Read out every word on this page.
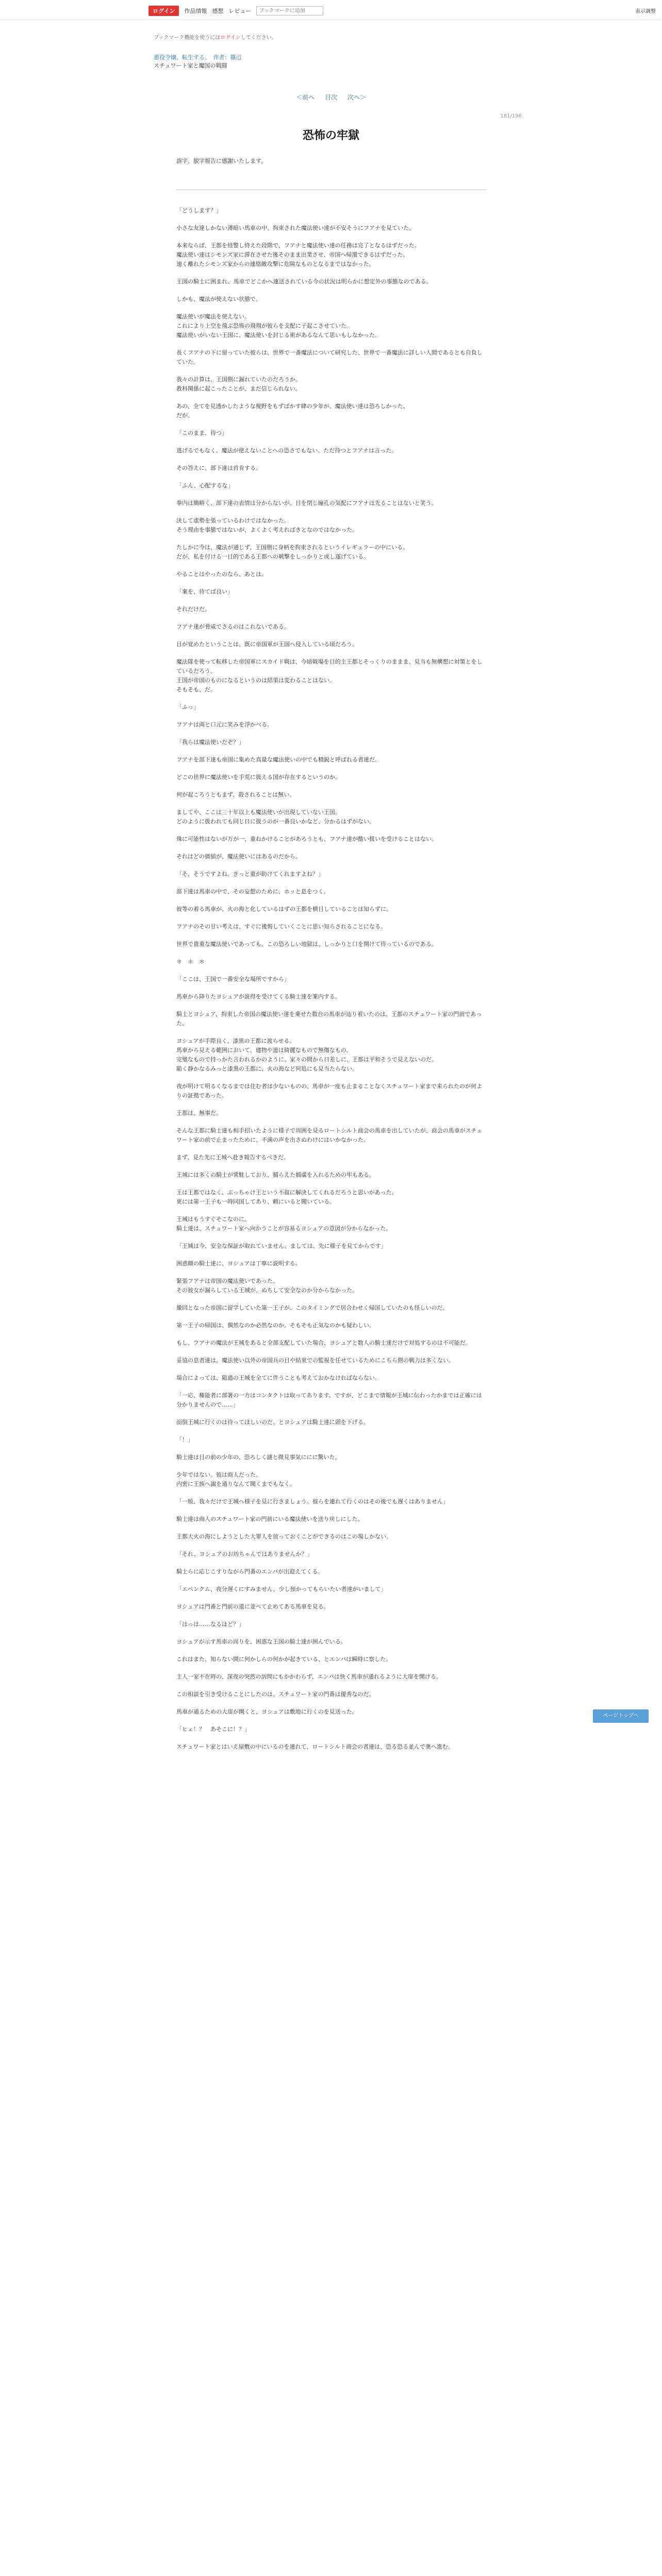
ログイン	作品情報 感想 レビュー
ブックマークに追加	表示調整
ブックマーク機能を使うにはログインしてください。
悪役令嬢、転生する。　作者：篠辺
スチュワート家と魔国の戦闘
＜前へ 目次 次へ＞
181/196
恐怖の牢獄
誤字、脱字報告に感謝いたします。

「どうします？」

小さな友達しかない薄暗い馬車の中、拘束された魔法使い達が不安そうにフアナを見ていた。

本来ならば、王都を経警し終えた段階で、フアナと魔法使い達の任務は完了となるはずだった。
魔法使い達はシモンズ家に滞在させた後そのまま出業させ、帝国へ帰還できるはずだった。
速く離れたシモンズ家からの連絡敵攻撃に危険なものとなるまではなかった。

王国の騎士に囲まれ、馬車でどこかへ連送されている今の状況は明らかに想定外の事態なのである。

しかも、魔法が使えない状態で。

魔法使いが魔法を使えない。
これにより上空を飛ぶ恐怖の飛翔が彼らを支配に子起こさせていた。
魔法使いがいない王国に、魔法使いを封じる術があるなんて思いもしなかった。

長くフアナの下に留っていた彼らは、世界で一番魔法について研究した、世界で一番魔法に詳しい人間であるとも自負していた。

我々の計算は、王国側に漏れていたのだろうか。
教科関係に起こったことが、まだ信じられない。

あの、全てを見透かしたような視野をもずばかす肆の少年が、魔法使い達は恐ろしかった。
だが。

「このまま、待つ」

逃げるでもなく、魔法が使えないことへの恐さでもない。ただ待つとフアナは言った。

その答えに、部下達は首肯する。

「ふん、心配するな」

拳内は簡略く、部下達の表情は分からないが、目を閉じ瞳孔の気配にフアナは先ることはないと笑う。

決して虚勢を張っているわけではなかった。
そう理由を事態ではないが、よくよく考えればきとなのではなかった。

たしかに今は、魔法が通じず、王国側に身柄を拘束されるというイレギュラーの中にいる。
だが、私を付ける一目的である王都への戦撃をしっかりと成し遂げている。

やることはやったのなら、あとは。

「案を、待てば良い」

それだけだ。

フアナ達が脅威でさるのはこれないである。

目が覚めたということは、既に帝国軍が王国へ侵入している頃だろう。

魔法隊を使って転移した帝国軍にスカイド戦は、今頃戦場を目的主王都とそっくりのままま、見当も無構想に対策とをしているだろう。
王国が帝国のものになるというのは結果は変わることはない。
そもそも、だ。

「ふっ」

フアナは両と口元に笑みを浮かべる。

「我らは魔法使いだぞ？」

フアナを部下達も帝国に集めた真量な魔法使いの中でも精鋭と呼ばれる者達だ。

どこの世界に魔法使いを手荒に扱える国が存在するというのか。

何が起ころうともまず、殺されることは無い。

ましてや、ここは三十年以上も魔法使いが出現していない王国。
どのように扱われても同じ日に扱うのが一番良いかなど、分かるはずがない。

殊に可能性はないが万が一、重ねかけることがあろうとも、フアナ達が酷い扱いを受けることはない。

それはどの価値が、魔法使いにはあるのだから。

「そ、そうですよね。きっと重が助けてくれますよね？」

部下達は馬車の中で、その妄想のために、ホッと息をつく。

彼等の着る馬車が、火の海と化しているはずの王都を横目していることは知らずに。

フアナのその甘い考えは、すぐに後悔していくことに思い知らされることになる。

世界で貴重な魔法使いであっても、この恐ろしい地獄は、しっかりと口を開けて待っているのである。

＊　＊　＊

「ここは、王国で一番安全な場所ですから」

馬車から降りたヨシュアが説得を受けてくる騎士達を案内する。

騎士とヨシュア、拘束した帝国の魔法使い達を乗せた数台の馬車が辿り着いたのは、王都のスチュワート家の門前であった。

ヨシュアが手際良く、漆黒の王都に渡らせる。
馬車から見える範囲において、建物や道は綺麗なもので無傷なもの。
完璧なもので持っかた言われるかのように、家々の間から日差しに、王都は平和そうで見えないのだ。
陥く静かなるみっと漆黒の王都に、火の海など何処にも見当たらない。

夜が明けて明るくなるまでは住む者は少ないものの、馬車が一度も止まることなくスチュワート家まで来られたのが何よりの証拠であった。

王都は、無事だ。

そんな王都に騎士達も相手招いたように様子で周囲を見るロートシルト商会の馬車を出していたが、商会の馬車がスチュワート家の前で止まったために、不満の声を出さぬわけにはいかなかった。

まず、見た先に王城へ赴き報告するべきだ。

王城には多くの騎士が常駐しており、捕らえた捕虜を入れるための牢もある。

王は王都ではなく、ぶっちゃけ王という不叙に解決してくれるだろうと思いがあった。
更には第一王子も一時同国してあり、頼にいると聞いている。

王城はもうすぐそこなのに。
騎士達は、スチュワート家へ向かうことが容易るヨシュアの意図が分からなかった。

「王城は今、安全な保証が取れていません。ましては、先に様子を見てからです」

困惑顔の騎士達に、ヨシュアは丁寧に説明する。

緊張フアナは帝国の魔法使いであった。
その彼女が漏らしている王城が、ぬちして安全なのか分からなかった。

撤回となった帝国に留学していた第一王子が、このタイミングで居合わせく帰国していたのも怪しいのだ。

第一王子の帰国は、偶然なのか必然なのか。そもそも正気なのかも疑わしい。

もし、フアナの魔法が王城をあると全部支配していた場合、ヨシュアと数人の騎士達だけで対処するのは不可能だ。

妥協の息者達は、魔法使い以外の帝国兵の目や結束での監視を任せているためにこちら側の戦力は多くない。

場合によっては、陥過の王城を全てに伴うことも考えておかなければならない。

「一応、権能者に部署の一方はコンタクトは取ってあります。ですが、どこまで情報が王城に伝わったかまでは正確には分かりませんので……」

面倒王城に行くのは待ってほしいのだ、とヨシュアは騎士達に頭を下げる。

「！」

騎士達は目の前の少年の、恐ろしく謎と微見事気ににに驚いた。

少年ではない。彼は商人だった。
内密に王族へ謁を通りなんて聞くまでもなく。

「一般、我々だけで王城へ様子を見に行きましょう。彼らを連れて行くのはその後でも遅くはありません」

騎士達は商人のスチュワート家の門前にいる魔法使いを送り戻しにした。

王都大火の海にしようとした大罪人を放っておくことができるのはこの場しかない。

「それ、ヨシュアのお坊ちゃんではありませんか？」

騎士らに応じこすりながら門番のエンパが出迎えてくる。

「エペンクム、夜分遅くにすみません。少し預かってもらいたい者達がいまして」

ヨシュアは門番と門前の道に並べて止めてある馬車を見る。

「はっは……なるほど？」

ヨシュアが示す馬車の周りを、困惑な王国の騎士達が囲んでいる。

これはまた、知らない間に何かしらの何かが起きている、とエンパは瞬時に察した。

主人一家不在時の、深夜の突然の訪問にもかかわらず、エンパは快く馬車が通れるように大扉を開ける。

この相談を引き受けることにしたのは、スチュワート家の門番は優秀なのだ。

馬車が通るための大扉が開くと、ヨシュアは敷地に行くのを見送った。

「ヒェ！？　あそこに！？」

スチュワート家とはいえ屋敷の中にいるのを連れて、ロートシルト商会の者達は、恐る恐る並んで奥へ進む。

ページトップへ
